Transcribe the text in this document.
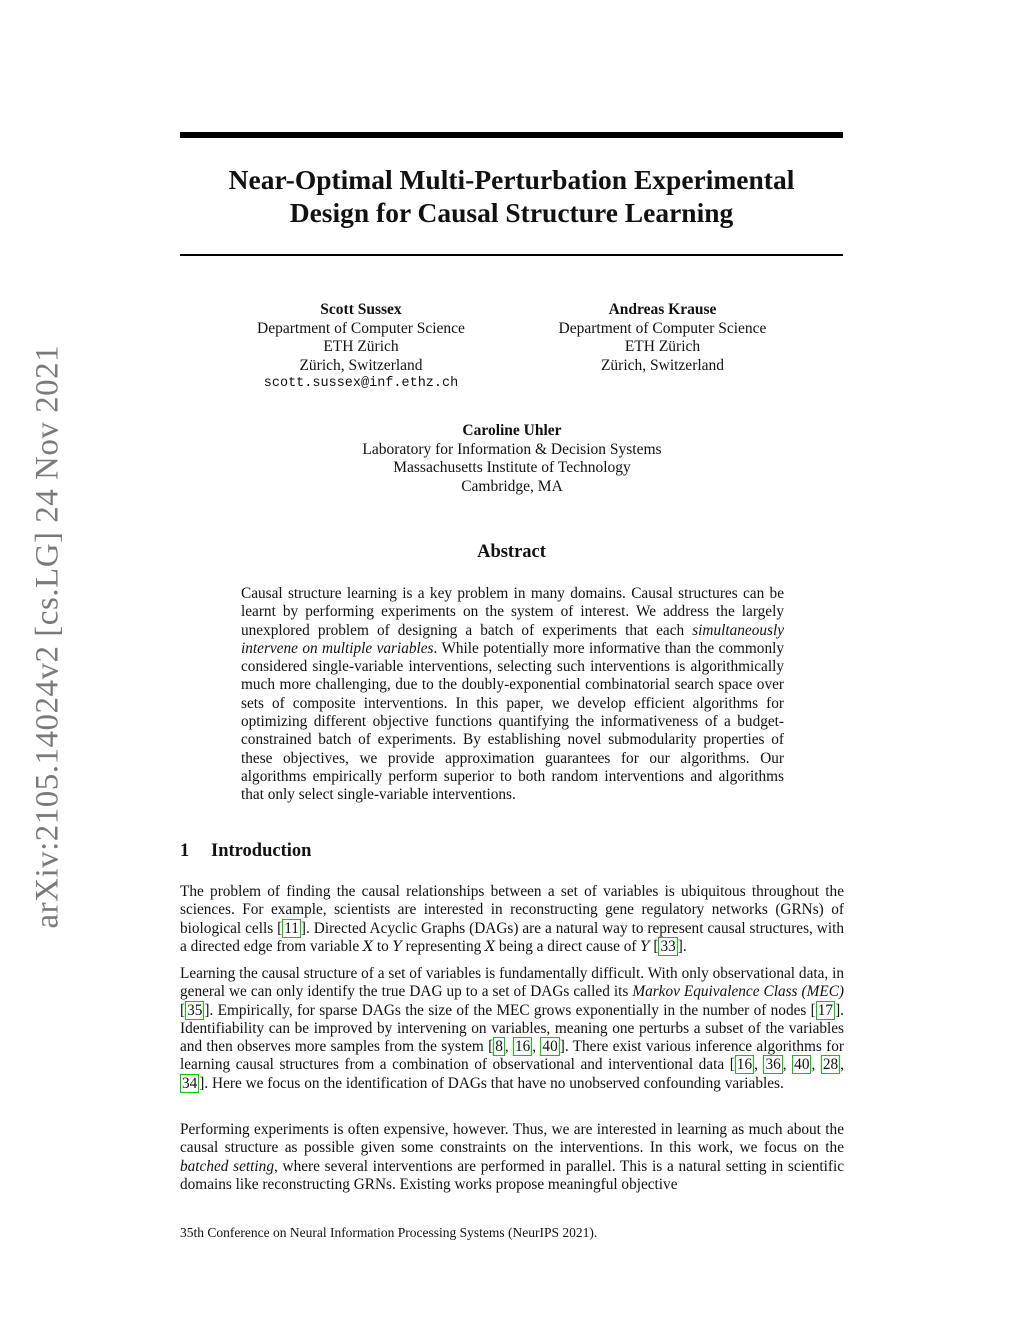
arXiv:2105.14024v2 [cs.LG] 24 Nov 2021
Near-Optimal Multi-Perturbation Experimental
Design for Causal Structure Learning
Scott Sussex
Department of Computer Science
ETH Zürich
Zürich, Switzerland
scott.sussex@inf.ethz.ch
Andreas Krause
Department of Computer Science
ETH Zürich
Zürich, Switzerland
Caroline Uhler
Laboratory for Information & Decision Systems
Massachusetts Institute of Technology
Cambridge, MA
Abstract
Causal structure learning is a key problem in many domains. Causal structures can be learnt by performing experiments on the system of interest. We address the largely unexplored problem of designing a batch of experiments that each simultaneously intervene on multiple variables. While potentially more informative than the commonly considered single-variable interventions, selecting such interventions is algorithmically much more challenging, due to the doubly-exponential combinatorial search space over sets of composite interventions. In this paper, we develop efficient algorithms for optimizing different objective functions quantifying the informativeness of a budget-constrained batch of experiments. By establishing novel submodularity properties of these objectives, we provide approximation guarantees for our algorithms. Our algorithms empirically perform superior to both random interventions and algorithms that only select single-variable interventions.
1 Introduction

The problem of finding the causal relationships between a set of variables is ubiquitous throughout the sciences. For example, scientists are interested in reconstructing gene regulatory networks (GRNs) of biological cells [ 11 ]. Directed Acyclic Graphs (DAGs) are a natural way to represent causal structures, with a directed edge from variable X to Y representing X being a direct cause of Y [ 33 ].

Learning the causal structure of a set of variables is fundamentally difficult. With only observational data, in general we can only identify the true DAG up to a set of DAGs called its Markov Equivalence Class (MEC) [ 35 ]. Empirically, for sparse DAGs the size of the MEC grows exponentially in the number of nodes [ 17 ]. Identifiability can be improved by intervening on variables, meaning one perturbs a subset of the variables and then observes more samples from the system [ 8 , 16 , 40 ]. There exist various inference algorithms for learning causal structures from a combination of observational and interventional data [ 16 , 36 , 40 , 28 , 34 ]. Here we focus on the identification of DAGs that have no unobserved confounding variables.

Performing experiments is often expensive, however. Thus, we are interested in learning as much about the causal structure as possible given some constraints on the interventions. In this work, we focus on the batched setting, where several interventions are performed in parallel. This is a natural setting in scientific domains like reconstructing GRNs. Existing works propose meaningful objective

35th Conference on Neural Information Processing Systems (NeurIPS 2021).
